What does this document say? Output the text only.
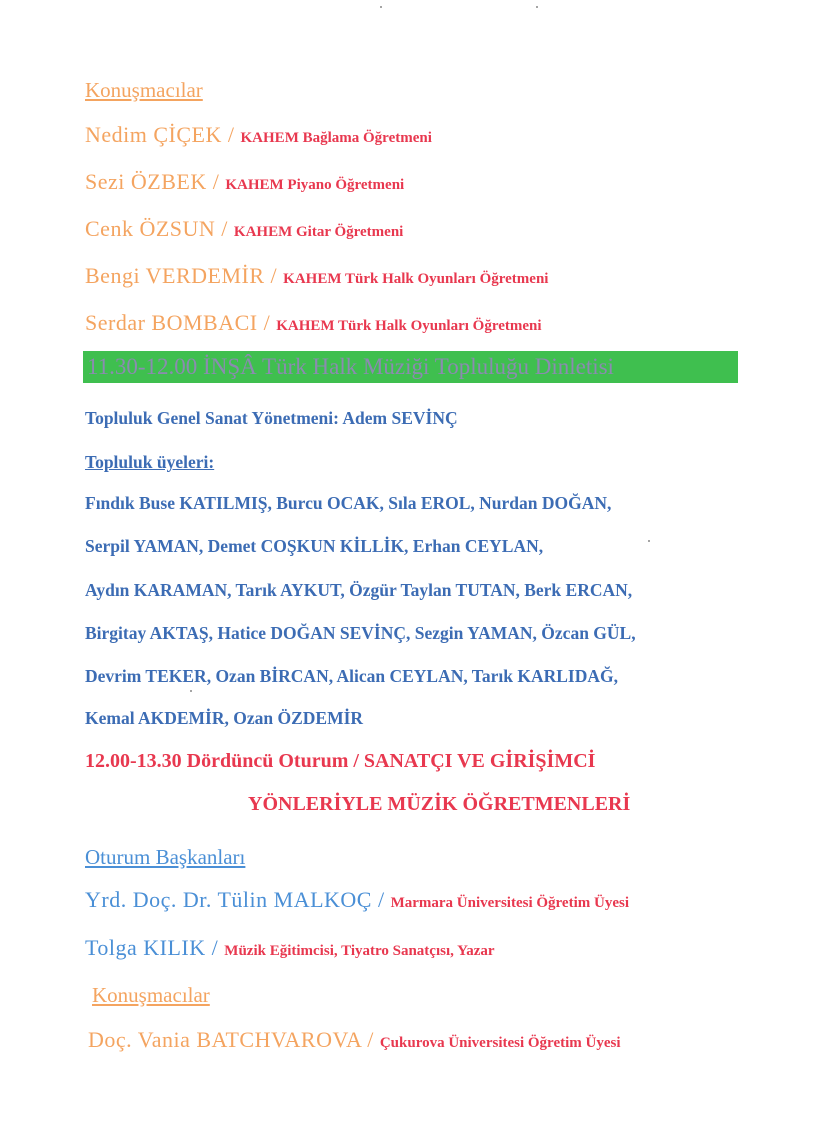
Konuşmacılar
Nedim ÇİÇEK / KAHEM Bağlama Öğretmeni
Sezi ÖZBEK / KAHEM Piyano Öğretmeni
Cenk ÖZSUN / KAHEM Gitar Öğretmeni
Bengi VERDEMİR / KAHEM Türk Halk Oyunları Öğretmeni
Serdar BOMBACI / KAHEM Türk Halk Oyunları Öğretmeni
11.30-12.00 İNŞÂ Türk Halk Müziği Topluluğu Dinletisi
Topluluk Genel Sanat Yönetmeni: Adem SEVİNÇ
Topluluk üyeleri:
Fındık Buse KATILMIŞ, Burcu OCAK, Sıla EROL, Nurdan DOĞAN,
Serpil YAMAN, Demet COŞKUN KİLLİK, Erhan CEYLAN,
Aydın KARAMAN, Tarık AYKUT, Özgür Taylan TUTAN, Berk ERCAN,
Birgitay AKTAŞ, Hatice DOĞAN SEVİNÇ, Sezgin YAMAN, Özcan GÜL,
Devrim TEKER, Ozan BİRCAN, Alican CEYLAN, Tarık KARLIDAĞ,
Kemal AKDEMİR, Ozan ÖZDEMİR
12.00-13.30 Dördüncü Oturum / SANATÇI VE GİRİŞİMCİ
YÖNLERİYLE MÜZİK ÖĞRETMENLERİ
Oturum Başkanları
Yrd. Doç. Dr. Tülin MALKOÇ / Marmara Üniversitesi Öğretim Üyesi
Tolga KILIK / Müzik Eğitimcisi, Tiyatro Sanatçısı, Yazar
Konuşmacılar
Doç. Vania BATCHVAROVA / Çukurova Üniversitesi Öğretim Üyesi
